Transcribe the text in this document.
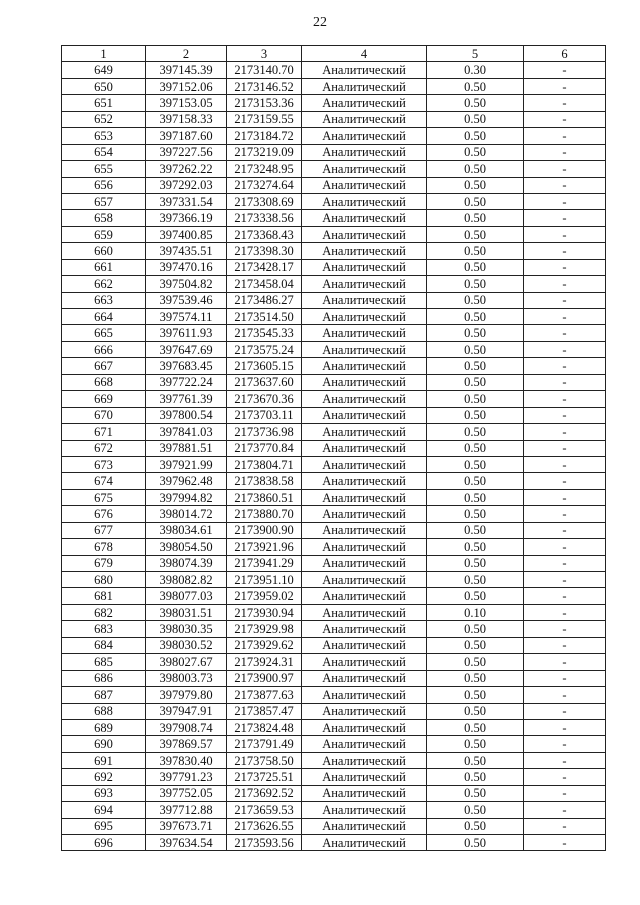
22
1	2	3	4	5	6
649	397145.39	2173140.70	Аналитический	0.30	-
650	397152.06	2173146.52	Аналитический	0.50	-
651	397153.05	2173153.36	Аналитический	0.50	-
652	397158.33	2173159.55	Аналитический	0.50	-
653	397187.60	2173184.72	Аналитический	0.50	-
654	397227.56	2173219.09	Аналитический	0.50	-
655	397262.22	2173248.95	Аналитический	0.50	-
656	397292.03	2173274.64	Аналитический	0.50	-
657	397331.54	2173308.69	Аналитический	0.50	-
658	397366.19	2173338.56	Аналитический	0.50	-
659	397400.85	2173368.43	Аналитический	0.50	-
660	397435.51	2173398.30	Аналитический	0.50	-
661	397470.16	2173428.17	Аналитический	0.50	-
662	397504.82	2173458.04	Аналитический	0.50	-
663	397539.46	2173486.27	Аналитический	0.50	-
664	397574.11	2173514.50	Аналитический	0.50	-
665	397611.93	2173545.33	Аналитический	0.50	-
666	397647.69	2173575.24	Аналитический	0.50	-
667	397683.45	2173605.15	Аналитический	0.50	-
668	397722.24	2173637.60	Аналитический	0.50	-
669	397761.39	2173670.36	Аналитический	0.50	-
670	397800.54	2173703.11	Аналитический	0.50	-
671	397841.03	2173736.98	Аналитический	0.50	-
672	397881.51	2173770.84	Аналитический	0.50	-
673	397921.99	2173804.71	Аналитический	0.50	-
674	397962.48	2173838.58	Аналитический	0.50	-
675	397994.82	2173860.51	Аналитический	0.50	-
676	398014.72	2173880.70	Аналитический	0.50	-
677	398034.61	2173900.90	Аналитический	0.50	-
678	398054.50	2173921.96	Аналитический	0.50	-
679	398074.39	2173941.29	Аналитический	0.50	-
680	398082.82	2173951.10	Аналитический	0.50	-
681	398077.03	2173959.02	Аналитический	0.50	-
682	398031.51	2173930.94	Аналитический	0.10	-
683	398030.35	2173929.98	Аналитический	0.50	-
684	398030.52	2173929.62	Аналитический	0.50	-
685	398027.67	2173924.31	Аналитический	0.50	-
686	398003.73	2173900.97	Аналитический	0.50	-
687	397979.80	2173877.63	Аналитический	0.50	-
688	397947.91	2173857.47	Аналитический	0.50	-
689	397908.74	2173824.48	Аналитический	0.50	-
690	397869.57	2173791.49	Аналитический	0.50	-
691	397830.40	2173758.50	Аналитический	0.50	-
692	397791.23	2173725.51	Аналитический	0.50	-
693	397752.05	2173692.52	Аналитический	0.50	-
694	397712.88	2173659.53	Аналитический	0.50	-
695	397673.71	2173626.55	Аналитический	0.50	-
696	397634.54	2173593.56	Аналитический	0.50	-
